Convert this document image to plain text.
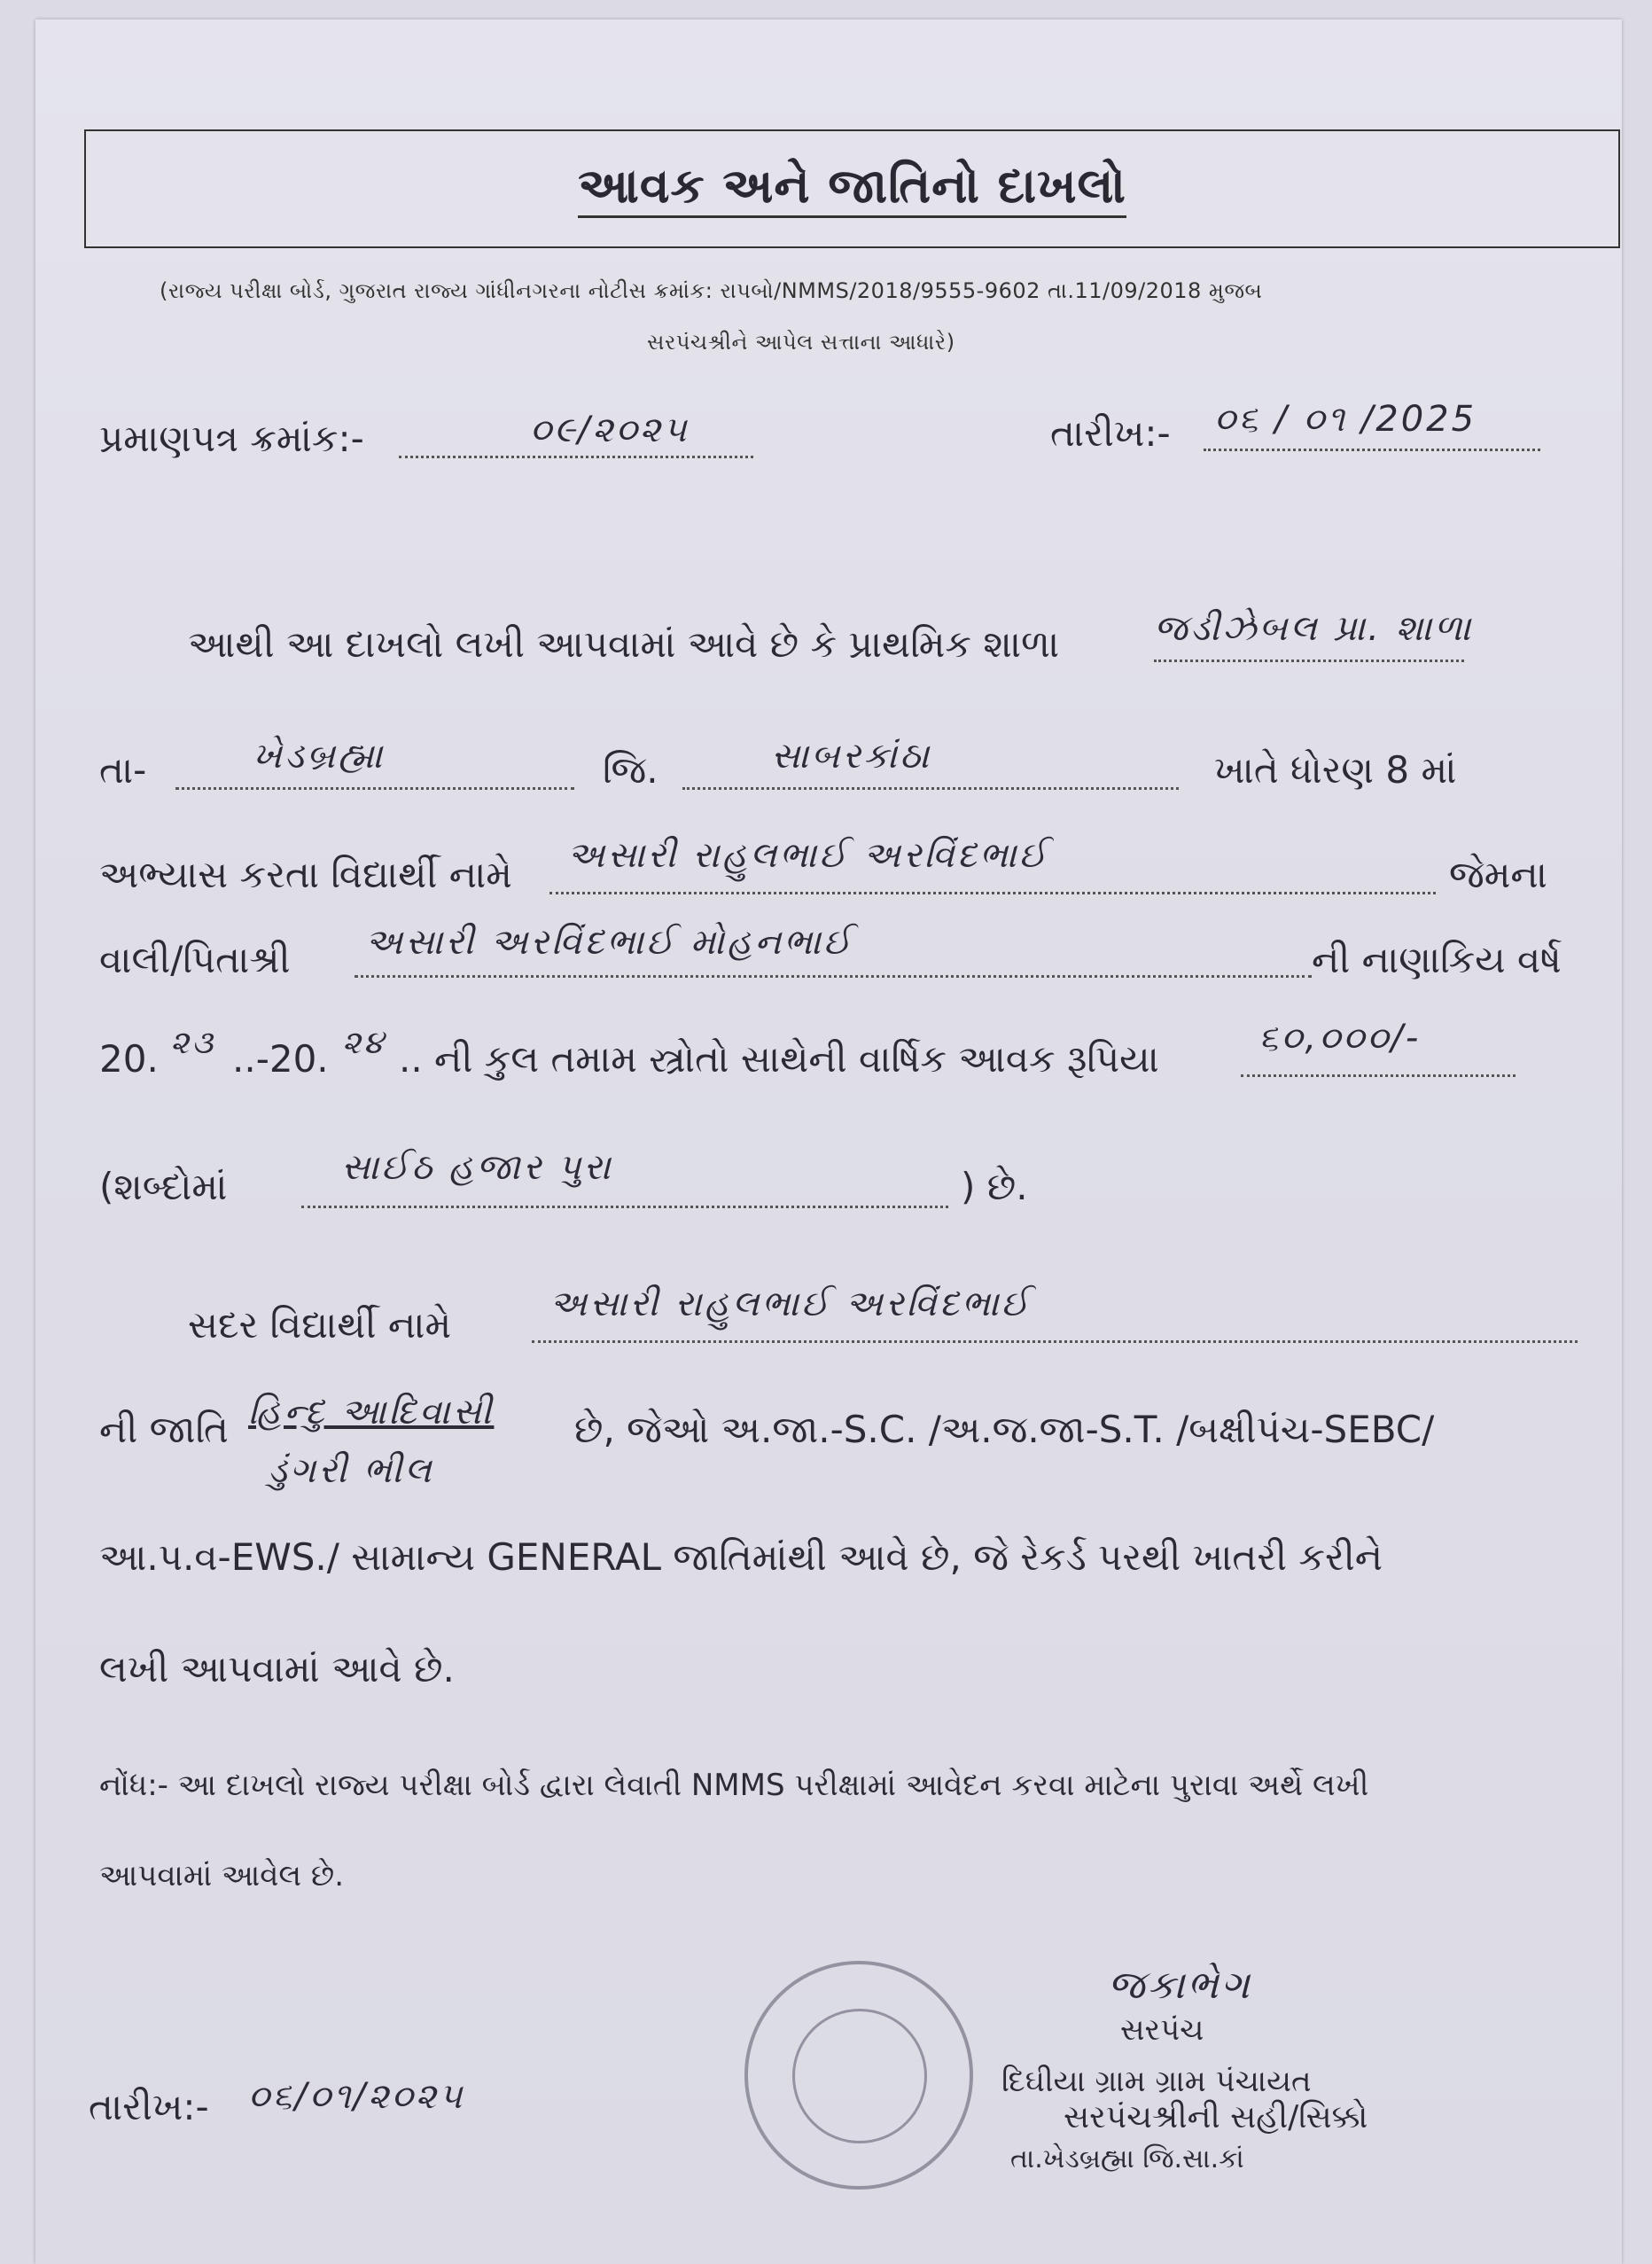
આવક અને જાતિનો દાખલો
(રાજ્ય પરીક્ષા બોર્ડ, ગુજરાત રાજ્ય ગાંધીનગરના નોટીસ ક્રમાંક: રાપબો/NMMS/2018/9555-9602 તા.11/09/2018 મુજબ
સરપંચશ્રીને આપેલ સત્તાના આધારે)
પ્રમાણપત્ર ક્રમાંક:-	૦૯/૨૦૨૫	તારીખ:- ૦૬ / ૦૧ /2025
આથી આ દાખલો લખી આપવામાં આવે છે કે પ્રાથમિક શાળા	જડીઝેબલ પ્રા. શાળા
તા-	ખેડબ્રહ્મા	જિ.	સાબરકાંઠા	ખાતે ધોરણ 8 માં
અભ્યાસ કરતા વિદ્યાર્થી નામે અસારી રાહુલભાઈ અરવિંદભાઈ	જેમના
વાલી/પિતાશ્રી અસારી અરવિંદભાઈ મોહનભાઈ	ની નાણાકિય વર્ષ
20. ૨૩ ..-20. ૨૪ .. ની કુલ તમામ સ્ત્રોતો સાથેની વાર્ષિક આવક રૂપિયા	૬૦,૦૦૦/-
(શબ્દોમાં	સાઈઠ હજાર પુરા	) છે.
સદર વિદ્યાર્થી નામે	અસારી રાહુલભાઈ અરવિંદભાઈ
ની જાતિ હિન્દુ આદિવાસી
ડુંગરી ભીલ
છે, જેઓ અ.જા.-S.C. /અ.જ.જા-S.T. /બક્ષીપંચ-SEBC/
આ.પ.વ-EWS./ સામાન્ય GENERAL જાતિમાંથી આવે છે, જે રેકર્ડ પરથી ખાતરી કરીને
લખી આપવામાં આવે છે.
નોંધ:- આ દાખલો રાજ્ય પરીક્ષા બોર્ડ દ્વારા લેવાતી NMMS પરીક્ષામાં આવેદન કરવા માટેના પુરાવા અર્થે લખી
આપવામાં આવેલ છે.
તારીખ:- ૦૬/૦૧/૨૦૨૫
જકાભેગ
સરપંચ
દિઘીયા ગ્રામ ગ્રામ પંચાયત
સરપંચશ્રીની સહી/સિક્કો
તા.ખેડબ્રહ્મા જિ.સા.કાં
